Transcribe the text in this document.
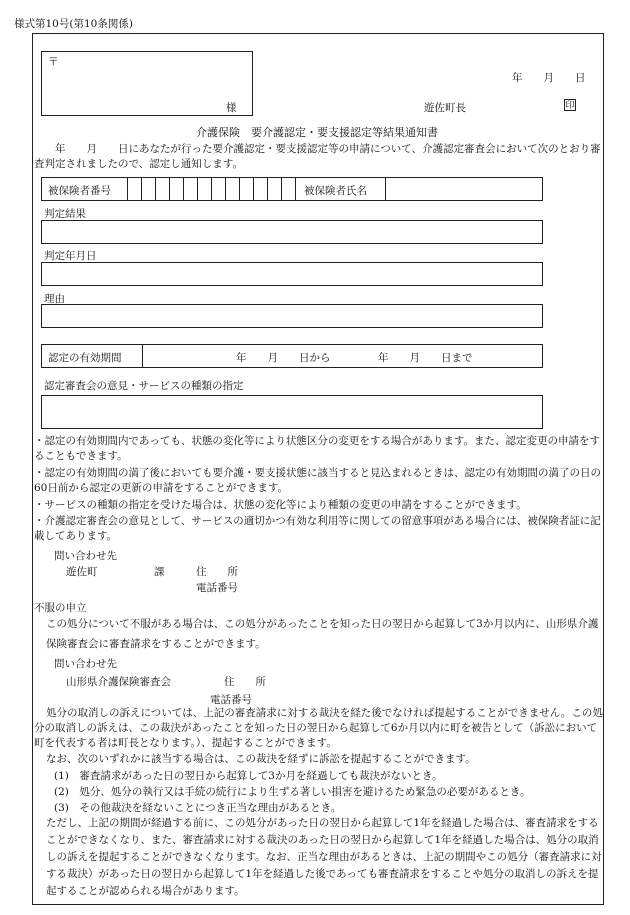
様式第10号(第10条関係)
〒
様
年　　月　　日
遊佐町長	印
介護保険　要介護認定・要支援認定等結果通知書
　　年　　月　　日にあなたが行った要介護認定・要支援認定等の申請について、介護認定審査会において次のとおり審査判定されましたので、認定し通知します。
被保険者番号	被保険者氏名
判定結果
判定年月日
理由
認定の有効期間	年　　月　　日から	年　　月　　日まで
認定審査会の意見・サービスの種類の指定
・認定の有効期間内であっても、状態の変化等により状態区分の変更をする場合があります。また、認定変更の申請をすることもできます。
・認定の有効期間の満了後においても要介護・要支援状態に該当すると見込まれるときは、認定の有効期間の満了の日の60日前から認定の更新の申請をすることができます。
・サービスの種類の指定を受けた場合は、状態の変化等により種類の変更の申請をすることができます。
・介護認定審査会の意見として、サービスの適切かつ有効な利用等に関しての留意事項がある場合には、被保険者証に記載してあります。
問い合わせ先
遊佐町	課	住　　所
電話番号
不服の申立
この処分について不服がある場合は、この処分があったことを知った日の翌日から起算して3か月以内に、山形県介護保険審査会に審査請求をすることができます。
問い合わせ先
山形県介護保険審査会	住　　所
電話番号
処分の取消しの訴えについては、上記の審査請求に対する裁決を経た後でなければ提起することができません。この処分の取消しの訴えは、この裁決があったことを知った日の翌日から起算して6か月以内に町を被告として（訴訟において町を代表する者は町長となります。）、提起することができます。
なお、次のいずれかに該当する場合は、この裁決を経ずに訴訟を提起することができます。
(1)　審査請求があった日の翌日から起算して3か月を経過しても裁決がないとき。
(2)　処分、処分の執行又は手続の続行により生ずる著しい損害を避けるため緊急の必要があるとき。
(3)　その他裁決を経ないことにつき正当な理由があるとき。
ただし、上記の期間が経過する前に、この処分があった日の翌日から起算して1年を経過した場合は、審査請求をすることができなくなり、また、審査請求に対する裁決のあった日の翌日から起算して1年を経過した場合は、処分の取消しの訴えを提起することができなくなります。なお、正当な理由があるときは、上記の期間やこの処分（審査請求に対する裁決）があった日の翌日から起算して1年を経過した後であっても審査請求をすることや処分の取消しの訴えを提起することが認められる場合があります。
